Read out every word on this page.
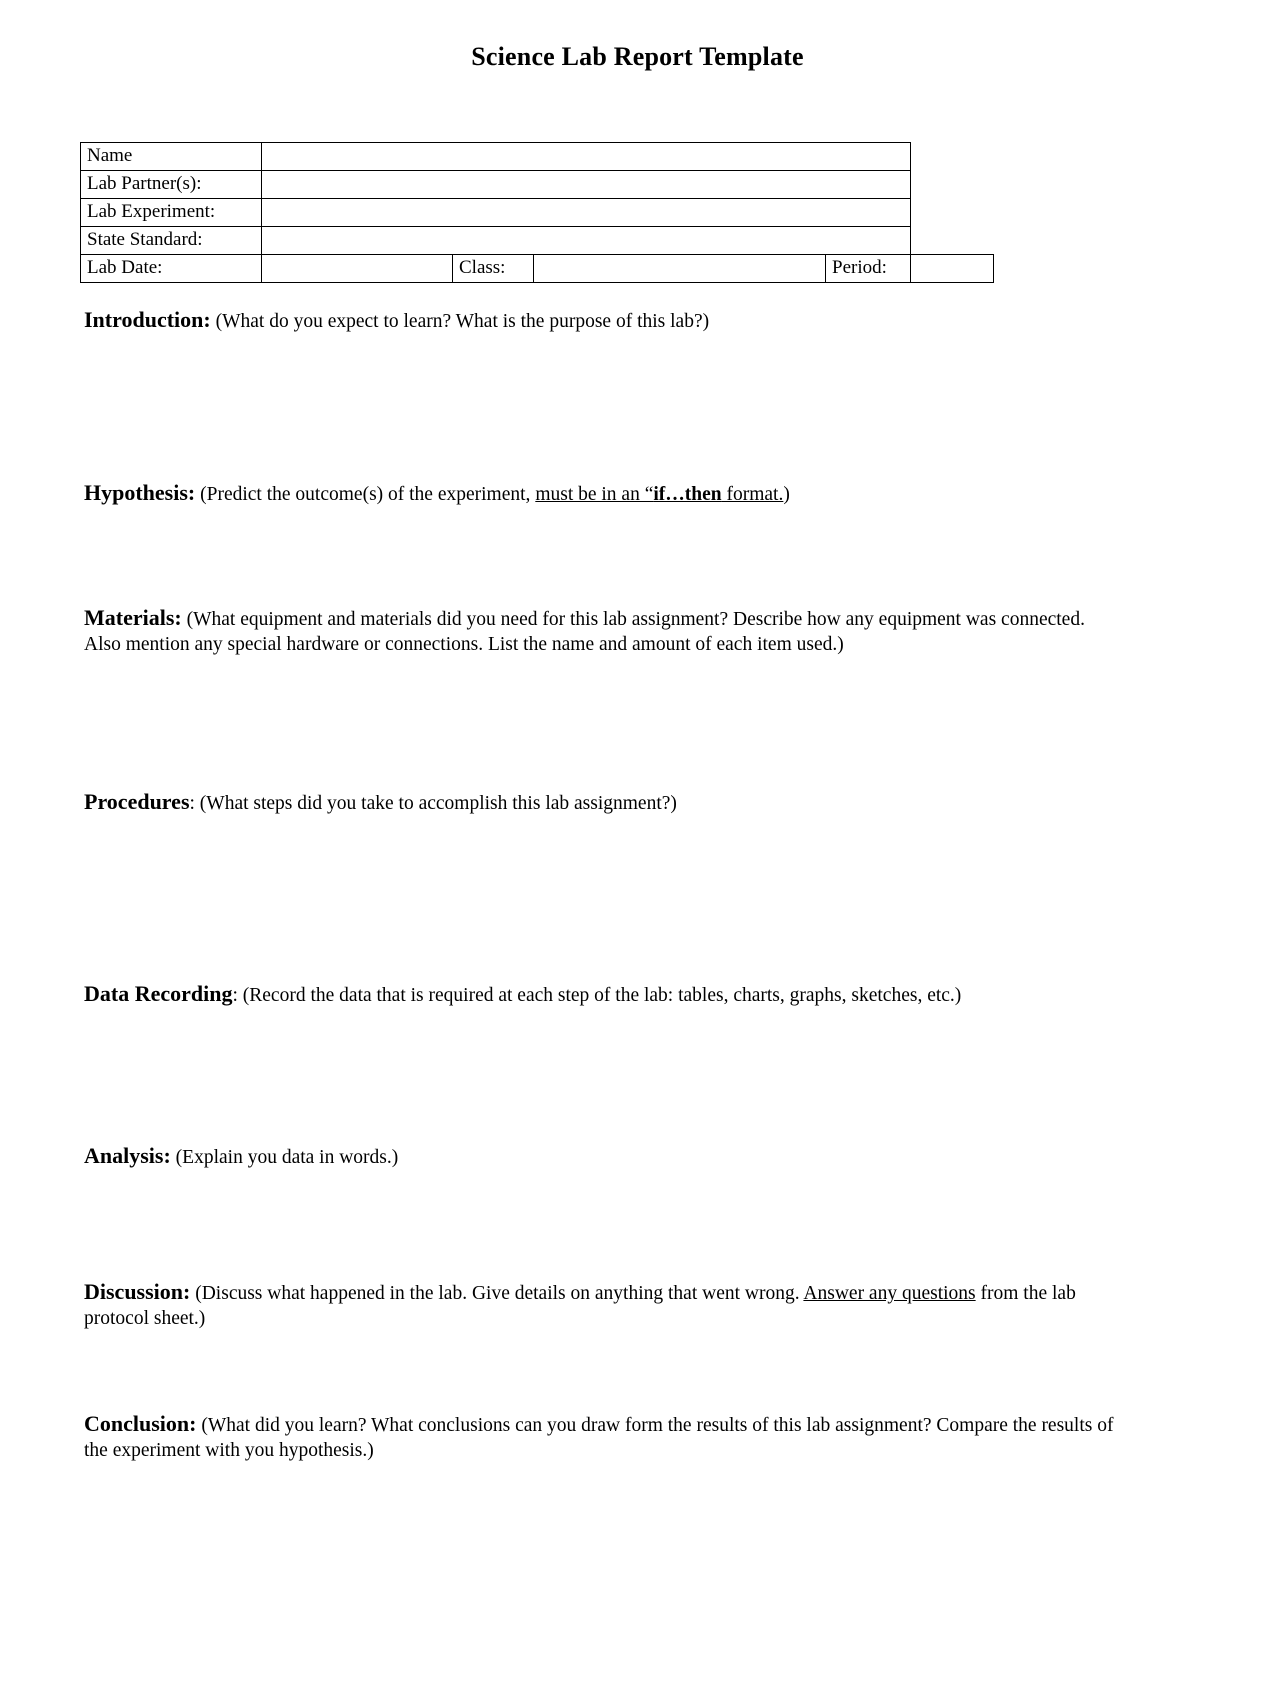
Science Lab Report Template
Name					
Lab Partner(s):					
Lab Experiment:					
State Standard:					
Lab Date:		Class:		Period:	

Introduction: (What do you expect to learn? What is the purpose of this lab?)

Hypothesis: (Predict the outcome(s) of the experiment, must be in an “if…then format.)

Materials: (What equipment and materials did you need for this lab assignment? Describe how any equipment was connected. Also mention any special hardware or connections. List the name and amount of each item used.)

Procedures: (What steps did you take to accomplish this lab assignment?)

Data Recording: (Record the data that is required at each step of the lab: tables, charts, graphs, sketches, etc.)

Analysis: (Explain you data in words.)

Discussion: (Discuss what happened in the lab. Give details on anything that went wrong. Answer any questions from the lab protocol sheet.)

Conclusion: (What did you learn? What conclusions can you draw form the results of this lab assignment? Compare the results of the experiment with you hypothesis.)
